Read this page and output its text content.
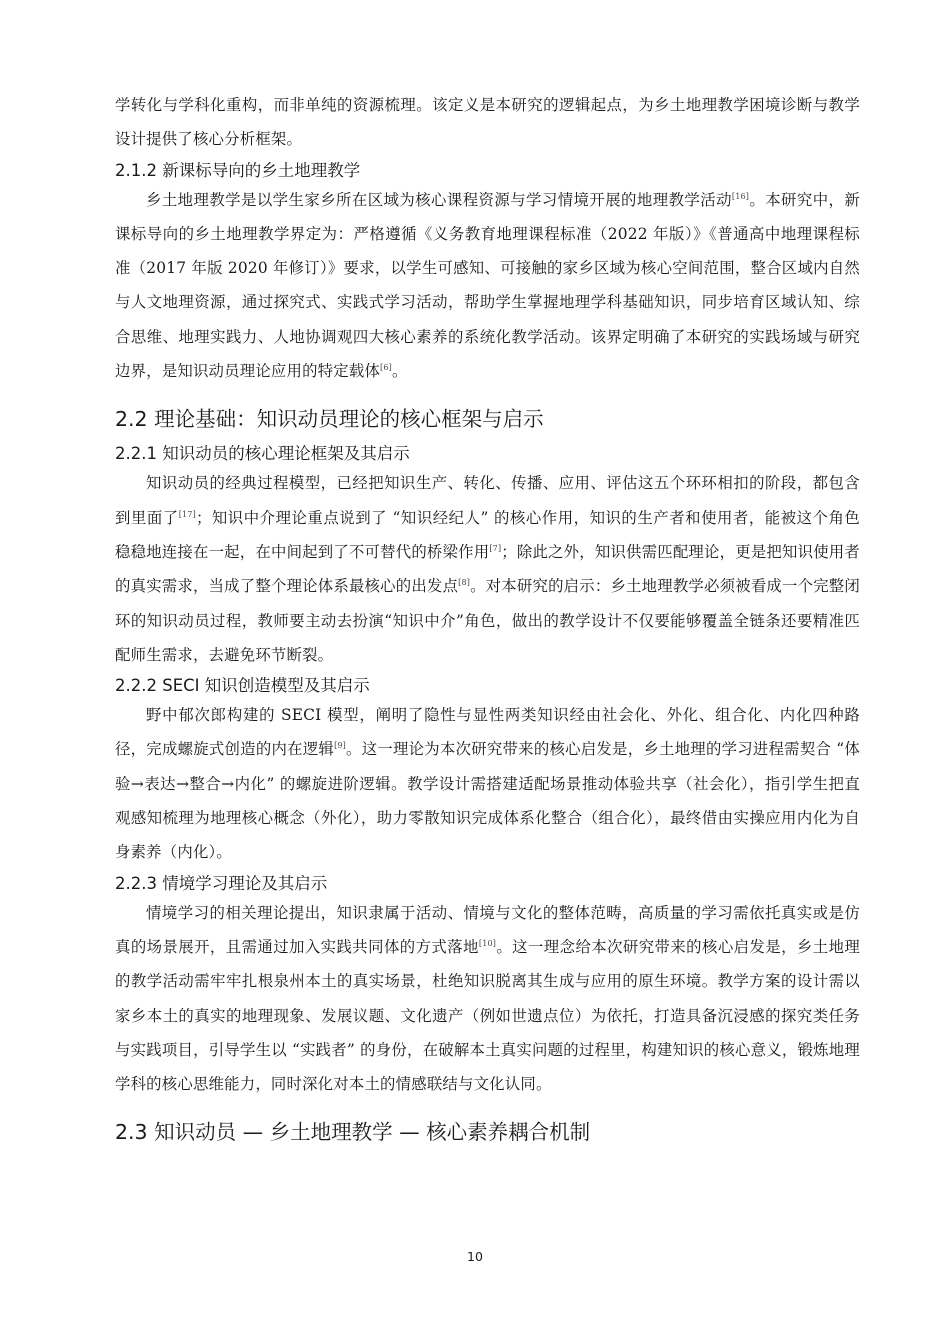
学转化与学科化重构，而非单纯的资源梳理。该定义是本研究的逻辑起点，为乡土地理教学困境诊断与教学设计提供了核心分析框架。

2.1.2 新课标导向的乡土地理教学

乡土地理教学是以学生家乡所在区域为核心课程资源与学习情境开展的地理教学活动[16]。本研究中，新课标导向的乡土地理教学界定为：严格遵循《义务教育地理课程标准（2022 年版）》《普通高中地理课程标准（2017 年版 2020 年修订）》要求，以学生可感知、可接触的家乡区域为核心空间范围，整合区域内自然与人文地理资源，通过探究式、实践式学习活动，帮助学生掌握地理学科基础知识，同步培育区域认知、综合思维、地理实践力、人地协调观四大核心素养的系统化教学活动。该界定明确了本研究的实践场域与研究边界，是知识动员理论应用的特定载体[6]。

2.2 理论基础：知识动员理论的核心框架与启示
2.2.1 知识动员的核心理论框架及其启示

知识动员的经典过程模型，已经把知识生产、转化、传播、应用、评估这五个环环相扣的阶段，都包含到里面了[17]；知识中介理论重点说到了 “知识经纪人” 的核心作用，知识的生产者和使用者，能被这个角色稳稳地连接在一起，在中间起到了不可替代的桥梁作用[7]；除此之外，知识供需匹配理论，更是把知识使用者的真实需求，当成了整个理论体系最核心的出发点[8]。对本研究的启示：乡土地理教学必须被看成一个完整闭环的知识动员过程，教师要主动去扮演“知识中介”角色，做出的教学设计不仅要能够覆盖全链条还要精准匹配师生需求，去避免环节断裂。

2.2.2 SECI 知识创造模型及其启示

野中郁次郎构建的 SECI 模型，阐明了隐性与显性两类知识经由社会化、外化、组合化、内化四种路径，完成螺旋式创造的内在逻辑[9]。这一理论为本次研究带来的核心启发是，乡土地理的学习进程需契合 “体验→表达→整合→内化” 的螺旋进阶逻辑。教学设计需搭建适配场景推动体验共享（社会化），指引学生把直观感知梳理为地理核心概念（外化），助力零散知识完成体系化整合（组合化），最终借由实操应用内化为自身素养（内化）。

2.2.3 情境学习理论及其启示

情境学习的相关理论提出，知识隶属于活动、情境与文化的整体范畴，高质量的学习需依托真实或是仿真的场景展开，且需通过加入实践共同体的方式落地[10]。这一理念给本次研究带来的核心启发是，乡土地理的教学活动需牢牢扎根泉州本土的真实场景，杜绝知识脱离其生成与应用的原生环境。教学方案的设计需以家乡本土的真实的地理现象、发展议题、文化遗产（例如世遗点位）为依托，打造具备沉浸感的探究类任务与实践项目，引导学生以 “实践者” 的身份，在破解本土真实问题的过程里，构建知识的核心意义，锻炼地理学科的核心思维能力，同时深化对本土的情感联结与文化认同。

2.3 知识动员 — 乡土地理教学 — 核心素养耦合机制
10
